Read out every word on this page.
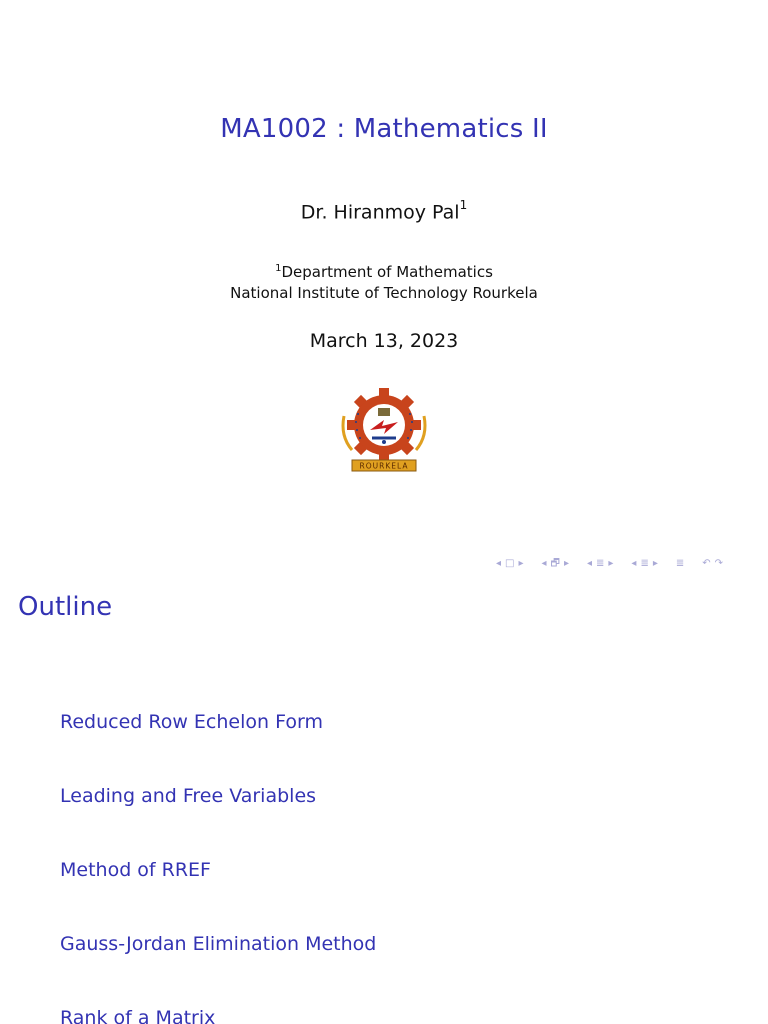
MA1002 : Mathematics II
Dr. Hiranmoy Pal$^1$
$^1$Department of Mathematics
National Institute of Technology Rourkela
March 13, 2023
ROURKELA
◂ □ ▸ ◂ 🗗 ▸ ◂ ≣ ▸ ◂ ≣ ▸ ≣ ↶ ↷
Outline
Reduced Row Echelon Form
Leading and Free Variables
Method of RREF
Gauss-Jordan Elimination Method
Rank of a Matrix
